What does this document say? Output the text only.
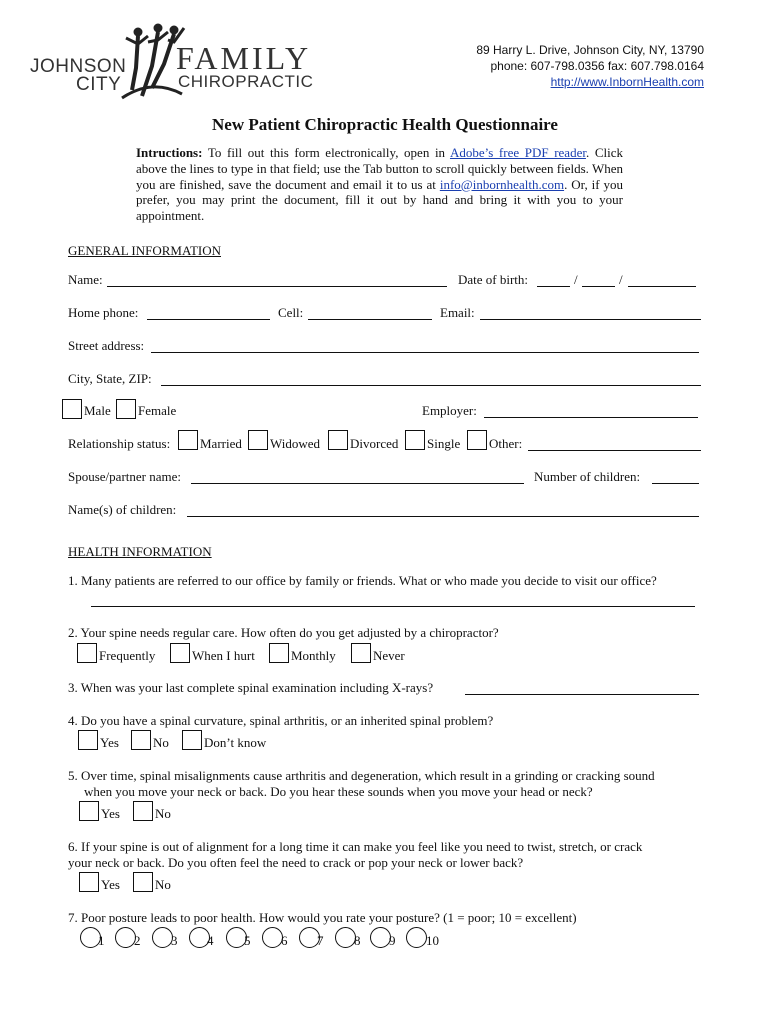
JOHNSON
CITY
FAMILY
CHIROPRACTIC
89 Harry L. Drive, Johnson City, NY, 13790
phone: 607-798.0356 fax: 607.798.0164
http://www.InbornHealth.com
New Patient Chiropractic Health Questionnaire
Intructions: To fill out this form electronically, open in Adobe’s free PDF reader. Click above the lines to type in that field; use the Tab button to scroll quickly between fields. When you are finished, save the document and email it to us at info@inbornhealth.com. Or, if you prefer, you may print the document, fill it out by hand and bring it with you to your appointment.
GENERAL INFORMATION
Name:	Date of birth:	/	/
Home phone:	Cell:	Email:
Street address:
City, State, ZIP:
Male Female	Employer:
Relationship status: Married Widowed Divorced Single Other:
Spouse/partner name:	Number of children:
Name(s) of children:
HEALTH INFORMATION
1. Many patients are referred to our office by family or friends. What or who made you decide to visit our office?
2. Your spine needs regular care. How often do you get adjusted by a chiropractor?
Frequently	When I hurt	Monthly	Never
3. When was your last complete spinal examination including X-rays?
4. Do you have a spinal curvature, spinal arthritis, or an inherited spinal problem?
Yes	No	Don’t know
5. Over time, spinal misalignments cause arthritis and degeneration, which result in a grinding or cracking sound
when you move your neck or back. Do you hear these sounds when you move your head or neck?
Yes	No
6. If your spine is out of alignment for a long time it can make you feel like you need to twist, stretch, or crack
your neck or back. Do you often feel the need to crack or pop your neck or lower back?
Yes	No
7. Poor posture leads to poor health. How would you rate your posture? (1 = poor; 10 = excellent)
1 2 3 4 5 6 7 8 9 10
